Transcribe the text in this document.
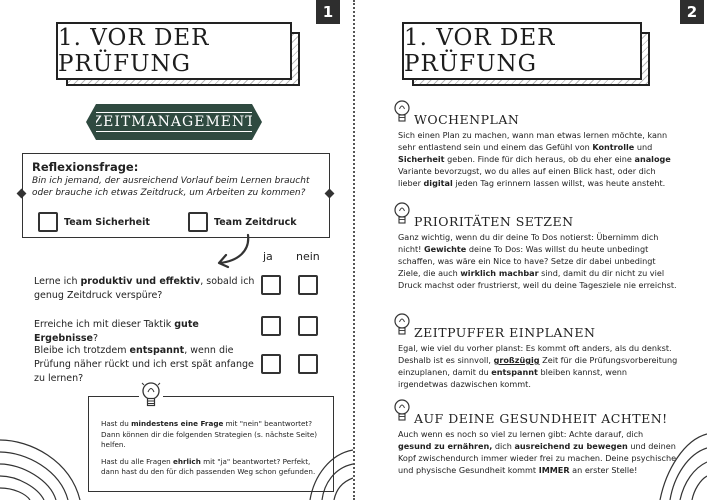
1
1. VOR DER PRÜFUNG
ZEITMANAGEMENT
Reflexionsfrage:
Bin ich jemand, der ausreichend Vorlauf beim Lernen braucht oder brauche ich etwas Zeitdruck, um Arbeiten zu kommen?
Team Sicherheit	Team Zeitdruck
ja nein
Lerne ich produktiv und effektiv, sobald ich genug Zeitdruck verspüre?
Erreiche ich mit dieser Taktik gute Ergebnisse?
Bleibe ich trotzdem entspannt, wenn die Prüfung näher rückt und ich erst spät anfange zu lernen?

Hast du mindestens eine Frage mit "nein" beantwortet? Dann können dir die folgenden Strategien (s. nächste Seite) helfen.

Hast du alle Fragen ehrlich mit "ja" beantwortet? Perfekt, dann hast du den für dich passenden Weg schon gefunden.

2
1. VOR DER PRÜFUNG
WOCHENPLAN
Sich einen Plan zu machen, wann man etwas lernen möchte, kann sehr entlastend sein und einem das Gefühl von Kontrolle und Sicherheit geben. Finde für dich heraus, ob du eher eine analoge Variante bevorzugst, wo du alles auf einen Blick hast, oder dich lieber digital jeden Tag erinnern lassen willst, was heute ansteht.
PRIORITÄTEN SETZEN
Ganz wichtig, wenn du dir deine To Dos notierst: Übernimm dich nicht! Gewichte deine To Dos: Was willst du heute unbedingt schaffen, was wäre ein Nice to have? Setze dir dabei unbedingt Ziele, die auch wirklich machbar sind, damit du dir nicht zu viel Druck machst oder frustrierst, weil du deine Tagesziele nie erreichst.
ZEITPUFFER EINPLANEN
Egal, wie viel du vorher planst: Es kommt oft anders, als du denkst. Deshalb ist es sinnvoll, großzügig Zeit für die Prüfungsvorbereitung einzuplanen, damit du entspannt bleiben kannst, wenn irgendetwas dazwischen kommt.
AUF DEINE GESUNDHEIT ACHTEN!
Auch wenn es noch so viel zu lernen gibt: Achte darauf, dich gesund zu ernähren, dich ausreichend zu bewegen und deinen Kopf zwischendurch immer wieder frei zu machen. Deine psychische und physische Gesundheit kommt IMMER an erster Stelle!
